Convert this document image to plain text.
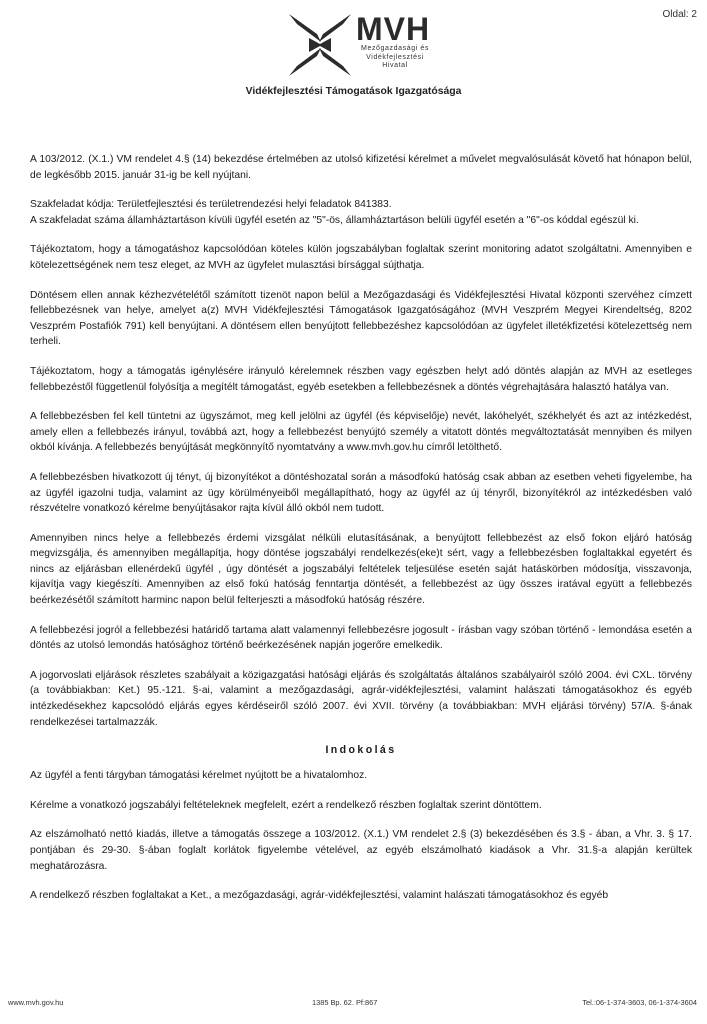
Oldal: 2
MVH
Mezőgazdasági és
Vidékfejlesztési
Hivatal
Vidékfejlesztési Támogatások Igazgatósága

A 103/2012. (X.1.) VM rendelet 4.§ (14) bekezdése értelmében az utolsó kifizetési kérelmet a művelet megvalósulását követő hat hónapon belül, de legkésőbb 2015. január 31-ig be kell nyújtani.

Szakfeladat kódja: Területfejlesztési és területrendezési helyi feladatok 841383.

A szakfeladat száma államháztartáson kívüli ügyfél esetén az "5"-ös, államháztartáson belüli ügyfél esetén a "6"-os kóddal egészül ki.

Tájékoztatom, hogy a támogatáshoz kapcsolódóan köteles külön jogszabályban foglaltak szerint monitoring adatot szolgáltatni. Amennyiben e kötelezettségének nem tesz eleget, az MVH az ügyfelet mulasztási bírsággal sújthatja.

Döntésem ellen annak kézhezvételétől számított tizenöt napon belül a Mezőgazdasági és Vidékfejlesztési Hivatal központi szervéhez címzett fellebbezésnek van helye, amelyet a(z) MVH Vidékfejlesztési Támogatások Igazgatóságához (MVH Veszprém Megyei Kirendeltség, 8202 Veszprém Postafiók 791) kell benyújtani. A döntésem ellen benyújtott fellebbezéshez kapcsolódóan az ügyfelet illetékfizetési kötelezettség nem terheli.

Tájékoztatom, hogy a támogatás igénylésére irányuló kérelemnek részben vagy egészben helyt adó döntés alapján az MVH az esetleges fellebbezéstől függetlenül folyósítja a megítélt támogatást, egyéb esetekben a fellebbezésnek a döntés végrehajtására halasztó hatálya van.

A fellebbezésben fel kell tüntetni az ügyszámot, meg kell jelölni az ügyfél (és képviselője) nevét, lakóhelyét, székhelyét és azt az intézkedést, amely ellen a fellebbezés irányul, továbbá azt, hogy a fellebbezést benyújtó személy a vitatott döntés megváltoztatását mennyiben és milyen okból kívánja. A fellebbezés benyújtását megkönnyítő nyomtatvány a www.mvh.gov.hu címről letölthető.

A fellebbezésben hivatkozott új tényt, új bizonyítékot a döntéshozatal során a másodfokú hatóság csak abban az esetben veheti figyelembe, ha az ügyfél igazolni tudja, valamint az ügy körülményeiből megállapítható, hogy az ügyfél az új tényről, bizonyítékról az intézkedésben való részvételre vonatkozó kérelme benyújtásakor rajta kívül álló okból nem tudott.

Amennyiben nincs helye a fellebbezés érdemi vizsgálat nélküli elutasításának, a benyújtott fellebbezést az első fokon eljáró hatóság megvizsgálja, és amennyiben megállapítja, hogy döntése jogszabályi rendelkezés(eke)t sért, vagy a fellebbezésben foglaltakkal egyetért és nincs az eljárásban ellenérdekű ügyfél , úgy döntését a jogszabályi feltételek teljesülése esetén saját hatáskörben módosítja, visszavonja, kijavítja vagy kiegészíti. Amennyiben az első fokú hatóság fenntartja döntését, a fellebbezést az ügy összes iratával együtt a fellebbezés beérkezésétől számított harminc napon belül felterjeszti a másodfokú hatóság részére.

A fellebbezési jogról a fellebbezési határidő tartama alatt valamennyi fellebbezésre jogosult - írásban vagy szóban történő - lemondása esetén a döntés az utolsó lemondás hatósághoz történő beérkezésének napján jogerőre emelkedik.

A jogorvoslati eljárások részletes szabályait a közigazgatási hatósági eljárás és szolgáltatás általános szabályairól szóló 2004. évi CXL. törvény (a továbbiakban: Ket.) 95.-121. §-ai, valamint a mezőgazdasági, agrár-vidékfejlesztési, valamint halászati támogatásokhoz és egyéb intézkedésekhez kapcsolódó eljárás egyes kérdéseiről szóló 2007. évi XVII. törvény (a továbbiakban: MVH eljárási törvény) 57/A. §-ának rendelkezései tartalmazzák.

Indokolás

Az ügyfél a fenti tárgyban támogatási kérelmet nyújtott be a hivatalomhoz.

Kérelme a vonatkozó jogszabályi feltételeknek megfelelt, ezért a rendelkező részben foglaltak szerint döntöttem.

Az elszámolható nettó kiadás, illetve a támogatás összege a 103/2012. (X.1.) VM rendelet 2.§ (3) bekezdésében és 3.§ - ában, a Vhr. 3. § 17. pontjában és 29-30. §-ában foglalt korlátok figyelembe vételével, az egyéb elszámolható kiadások a Vhr. 31.§-a alapján kerültek meghatározásra.

A rendelkező részben foglaltakat a Ket., a mezőgazdasági, agrár-vidékfejlesztési, valamint halászati támogatásokhoz és egyéb

www.mvh.gov.hu	1385 Bp. 62. Pf:867	Tel.:06-1-374-3603, 06-1-374-3604
